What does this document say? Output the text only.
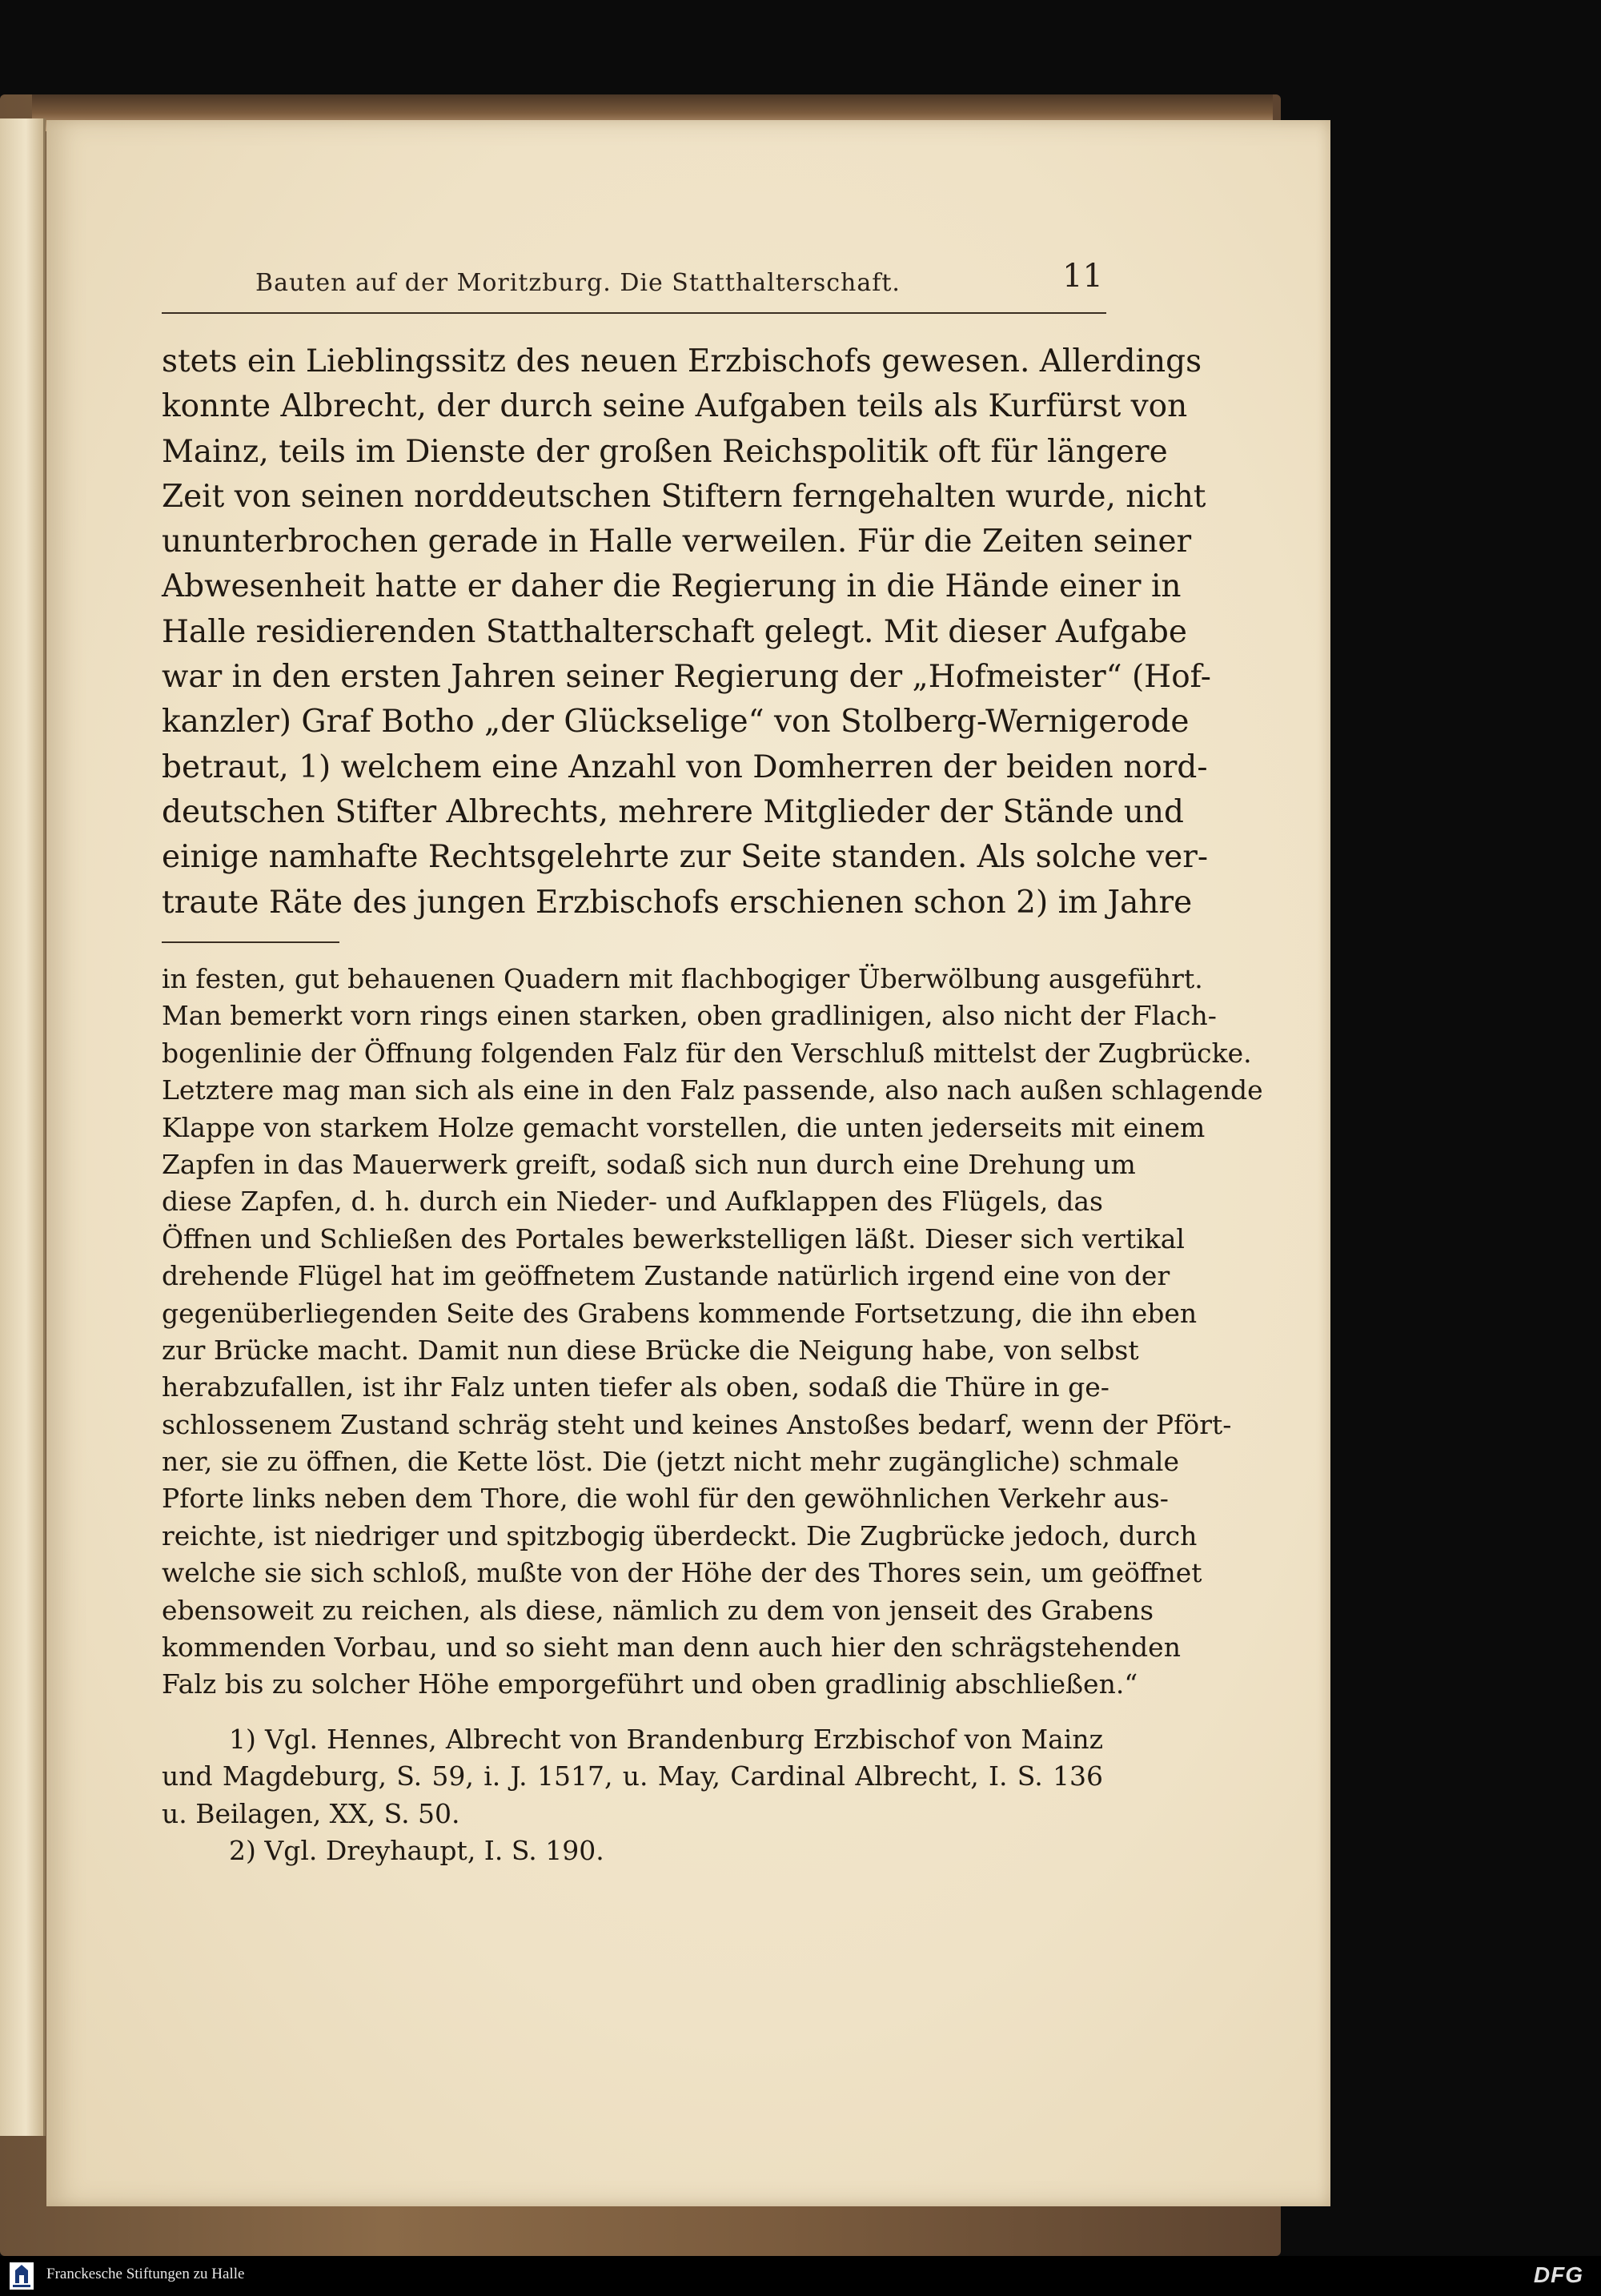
Bauten auf der Moritzburg. Die Statthalterschaft.	11
stets ein Lieblingssitz des neuen Erzbischofs gewesen. Allerdings
konnte Albrecht, der durch seine Aufgaben teils als Kurfürst von
Mainz, teils im Dienste der großen Reichspolitik oft für längere
Zeit von seinen norddeutschen Stiftern ferngehalten wurde, nicht
ununterbrochen gerade in Halle verweilen. Für die Zeiten seiner
Abwesenheit hatte er daher die Regierung in die Hände einer in
Halle residierenden Statthalterschaft gelegt. Mit dieser Aufgabe
war in den ersten Jahren seiner Regierung der „Hofmeister“ (Hof-
kanzler) Graf Botho „der Glückselige“ von Stolberg-Wernigerode
betraut, 1) welchem eine Anzahl von Domherren der beiden nord-
deutschen Stifter Albrechts, mehrere Mitglieder der Stände und
einige namhafte Rechtsgelehrte zur Seite standen. Als solche ver-
traute Räte des jungen Erzbischofs erschienen schon 2) im Jahre
in festen, gut behauenen Quadern mit flachbogiger Überwölbung ausgeführt.
Man bemerkt vorn rings einen starken, oben gradlinigen, also nicht der Flach-
bogenlinie der Öffnung folgenden Falz für den Verschluß mittelst der Zugbrücke.
Letztere mag man sich als eine in den Falz passende, also nach außen schlagende
Klappe von starkem Holze gemacht vorstellen, die unten jederseits mit einem
Zapfen in das Mauerwerk greift, sodaß sich nun durch eine Drehung um
diese Zapfen, d. h. durch ein Nieder- und Aufklappen des Flügels, das
Öffnen und Schließen des Portales bewerkstelligen läßt. Dieser sich vertikal
drehende Flügel hat im geöffnetem Zustande natürlich irgend eine von der
gegenüberliegenden Seite des Grabens kommende Fortsetzung, die ihn eben
zur Brücke macht. Damit nun diese Brücke die Neigung habe, von selbst
herabzufallen, ist ihr Falz unten tiefer als oben, sodaß die Thüre in ge-
schlossenem Zustand schräg steht und keines Anstoßes bedarf, wenn der Pfört-
ner, sie zu öffnen, die Kette löst. Die (jetzt nicht mehr zugängliche) schmale
Pforte links neben dem Thore, die wohl für den gewöhnlichen Verkehr aus-
reichte, ist niedriger und spitzbogig überdeckt. Die Zugbrücke jedoch, durch
welche sie sich schloß, mußte von der Höhe der des Thores sein, um geöffnet
ebensoweit zu reichen, als diese, nämlich zu dem von jenseit des Grabens
kommenden Vorbau, und so sieht man denn auch hier den schrägstehenden
Falz bis zu solcher Höhe emporgeführt und oben gradlinig abschließen.“
1) Vgl. Hennes, Albrecht von Brandenburg Erzbischof von Mainz
und Magdeburg, S. 59, i. J. 1517, u. May, Cardinal Albrecht, I. S. 136
u. Beilagen, XX, S. 50.
2) Vgl. Dreyhaupt, I. S. 190.
Franckesche Stiftungen zu Halle	DFG
